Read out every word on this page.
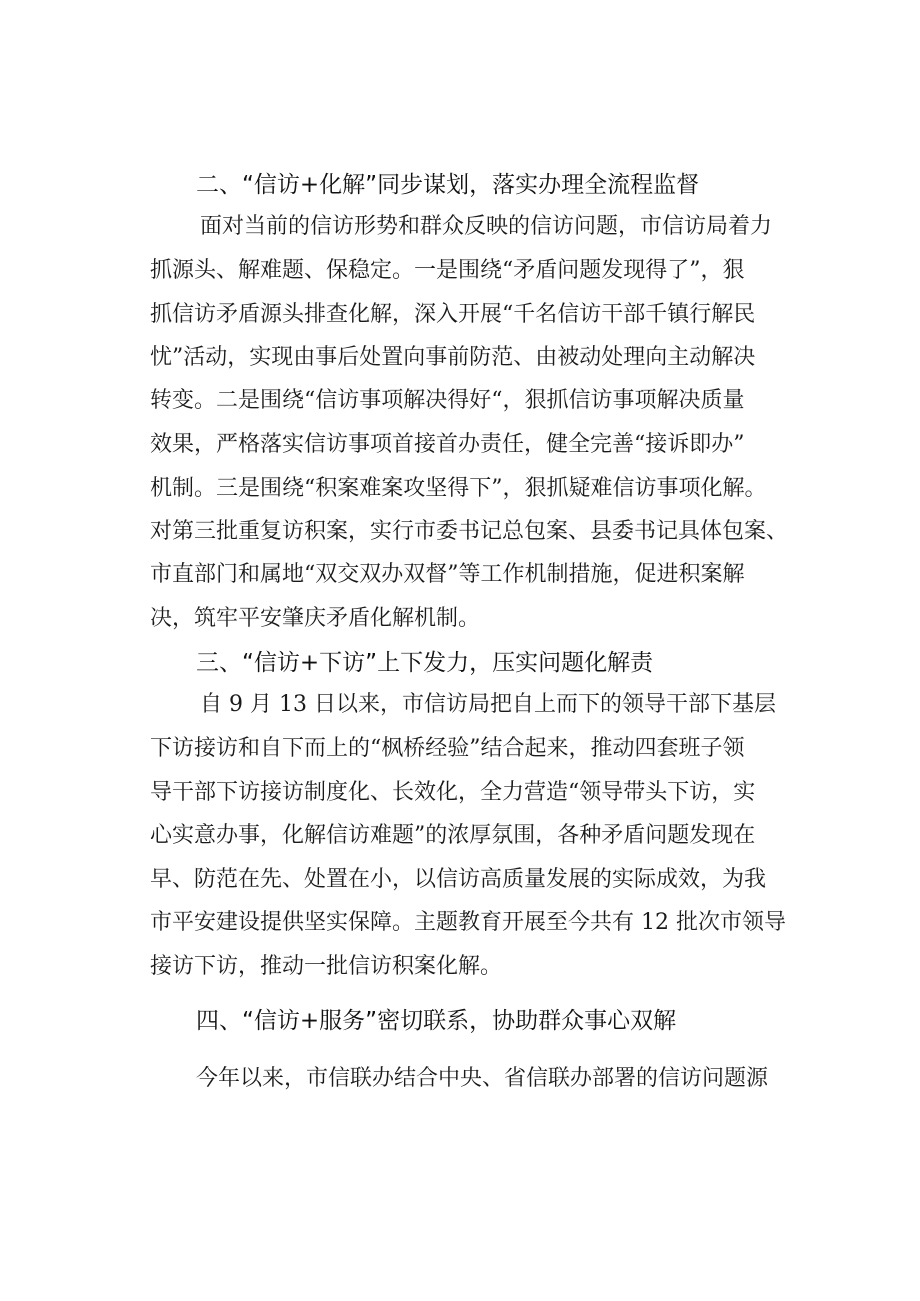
二、“信访+化解”同步谋划，落实办理全流程监督
面对当前的信访形势和群众反映的信访问题，市信访局着力
抓源头、解难题、保稳定。一是围绕“矛盾问题发现得了”，狠
抓信访矛盾源头排查化解，深入开展“千名信访干部千镇行解民
忧”活动，实现由事后处置向事前防范、由被动处理向主动解决
转变。二是围绕“信访事项解决得好“，狠抓信访事项解决质量
效果，严格落实信访事项首接首办责任，健全完善“接诉即办”
机制。三是围绕“积案难案攻坚得下”，狠抓疑难信访事项化解。
对第三批重复访积案，实行市委书记总包案、县委书记具体包案、
市直部门和属地“双交双办双督”等工作机制措施，促进积案解
决，筑牢平安肇庆矛盾化解机制。
三、“信访+下访”上下发力，压实问题化解责
自 9 月 13 日以来，市信访局把自上而下的领导干部下基层
下访接访和自下而上的“枫桥经验”结合起来，推动四套班子领
导干部下访接访制度化、长效化，全力营造“领导带头下访，实
心实意办事，化解信访难题”的浓厚氛围，各种矛盾问题发现在
早、防范在先、处置在小，以信访高质量发展的实际成效，为我
市平安建设提供坚实保障。主题教育开展至今共有 12 批次市领导
接访下访，推动一批信访积案化解。
四、“信访+服务”密切联系，协助群众事心双解
今年以来，市信联办结合中央、省信联办部署的信访问题源
